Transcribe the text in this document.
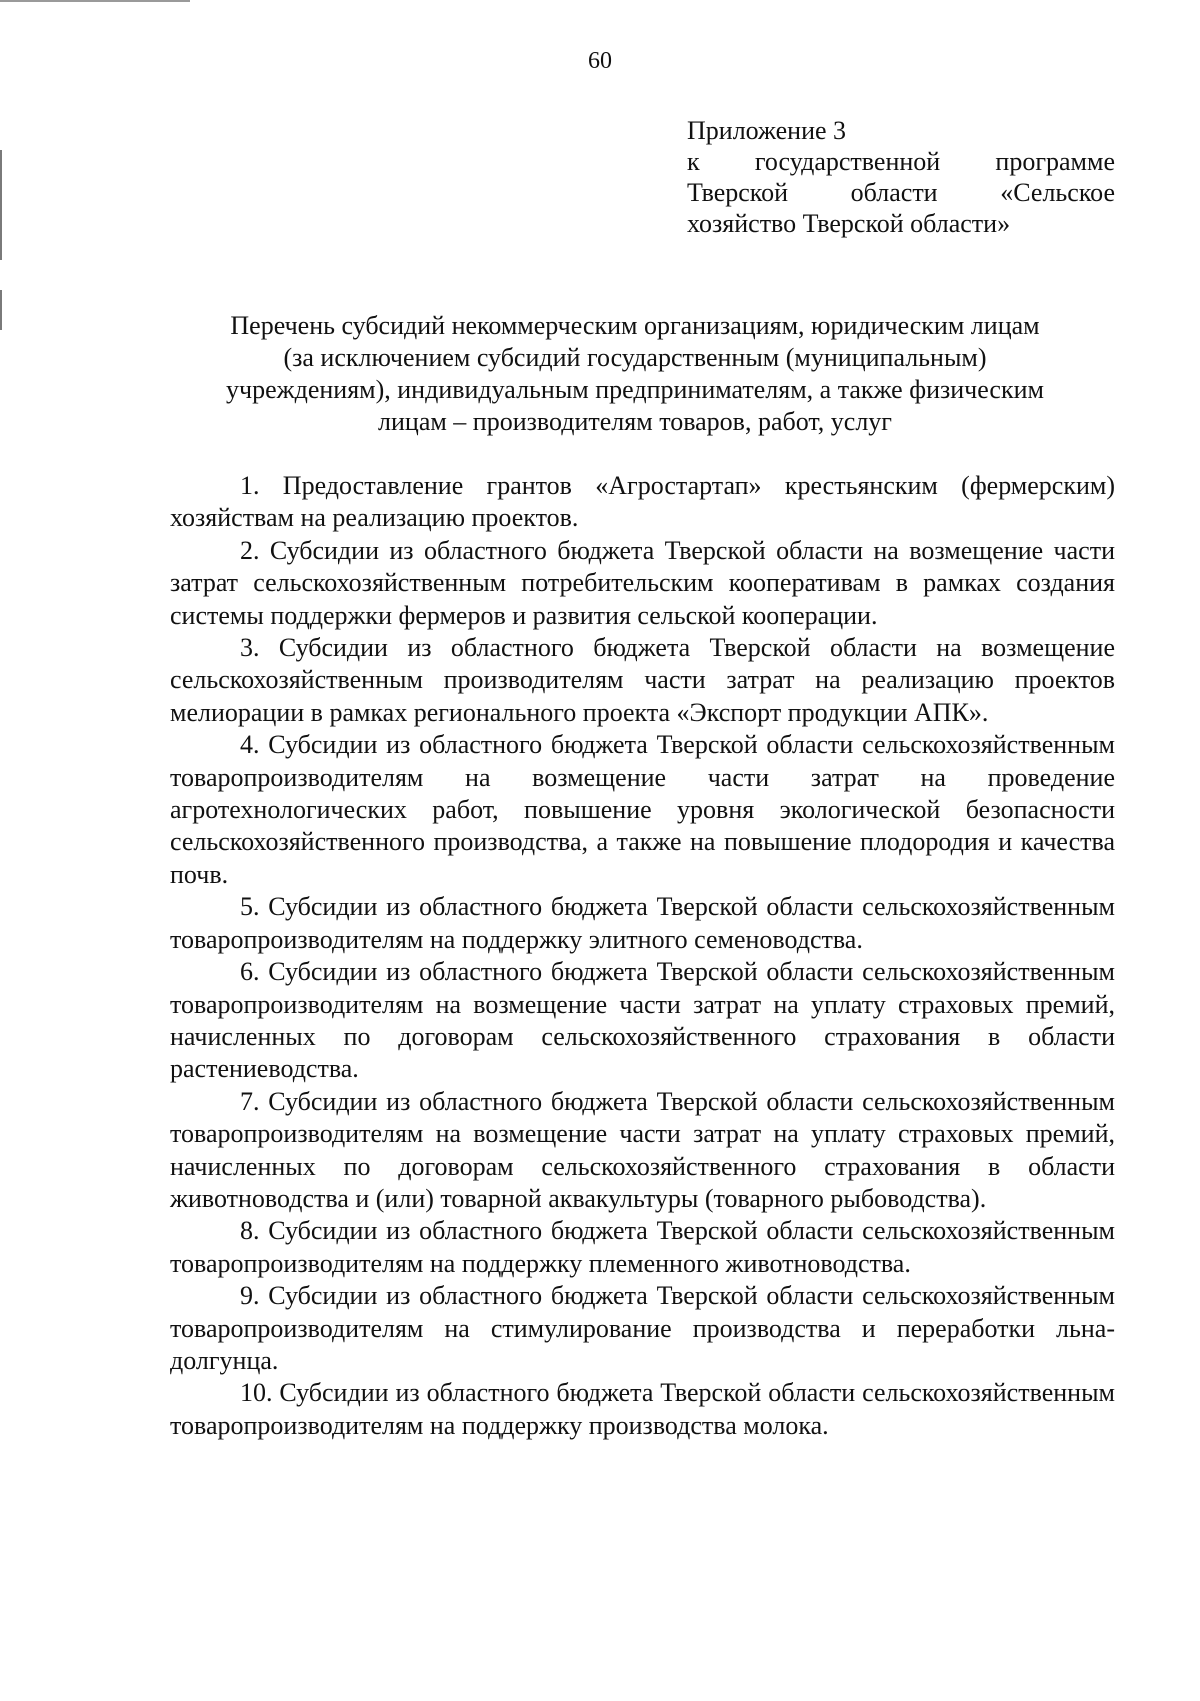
60
Приложение 3
к государственной программе
Тверской области «Сельское
хозяйство Тверской области»
Перечень субсидий некоммерческим организациям, юридическим лицам
(за исключением субсидий государственным (муниципальным)
учреждениям), индивидуальным предпринимателям, а также физическим
лицам – производителям товаров, работ, услуг

1. Предоставление грантов «Агростартап» крестьянским (фермерским) хозяйствам на реализацию проектов.

2. Субсидии из областного бюджета Тверской области на возмещение части затрат сельскохозяйственным потребительским кооперативам в рамках создания системы поддержки фермеров и развития сельской кооперации.

3. Субсидии из областного бюджета Тверской области на возмещение сельскохозяйственным производителям части затрат на реализацию проектов мелиорации в рамках регионального проекта «Экспорт продукции АПК».

4. Субсидии из областного бюджета Тверской области сельскохозяйственным товаропроизводителям на возмещение части затрат на проведение агротехнологических работ, повышение уровня экологической безопасности сельскохозяйственного производства, а также на повышение плодородия и качества почв.

5. Субсидии из областного бюджета Тверской области сельскохозяйственным товаропроизводителям на поддержку элитного семеноводства.

6. Субсидии из областного бюджета Тверской области сельскохозяйственным товаропроизводителям на возмещение части затрат на уплату страховых премий, начисленных по договорам сельскохозяйственного страхования в области растениеводства.

7. Субсидии из областного бюджета Тверской области сельскохозяйственным товаропроизводителям на возмещение части затрат на уплату страховых премий, начисленных по договорам сельскохозяйственного страхования в области животноводства и (или) товарной аквакультуры (товарного рыбоводства).

8. Субсидии из областного бюджета Тверской области сельскохозяйственным товаропроизводителям на поддержку племенного животноводства.

9. Субсидии из областного бюджета Тверской области сельскохозяйственным товаропроизводителям на стимулирование производства и переработки льна-долгунца.

10. Субсидии из областного бюджета Тверской области сельскохозяйственным товаропроизводителям на поддержку производства молока.
